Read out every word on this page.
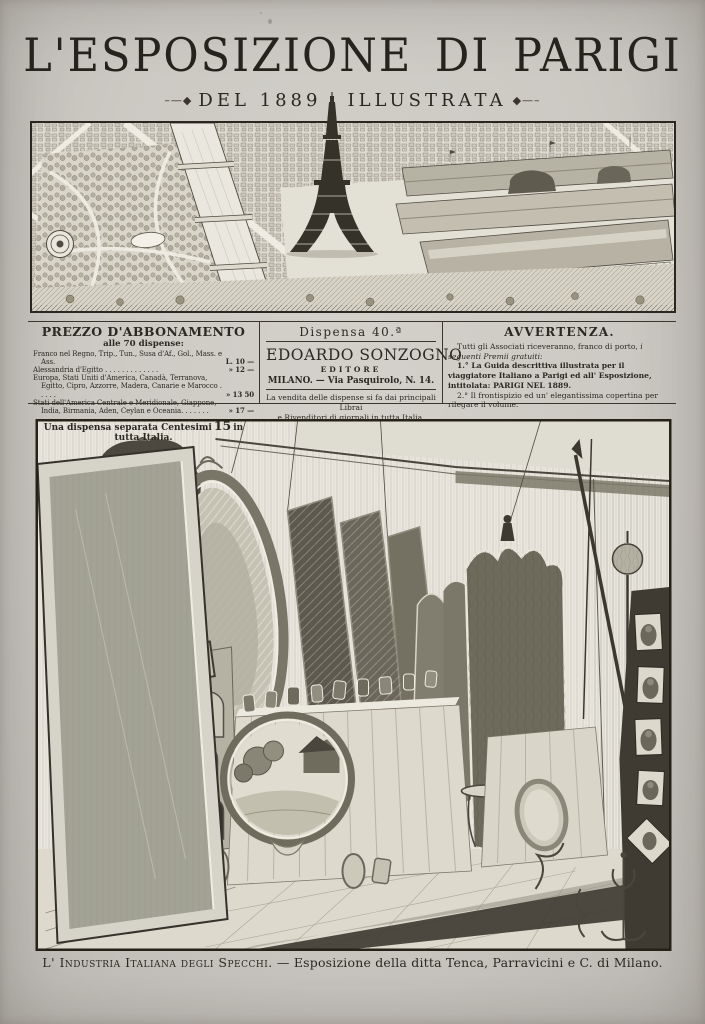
L'ESPOSIZIONE DI PARIGI
–—◆ DEL 1889 ILLUSTRATA ◆—–
PREZZO D'ABBONAMENTO
alle 70 dispense:
Franco nel Regno, Trip., Tun., Susa d'Af., Gol., Mass. e Ass.	L. 10 —
Alessandria d'Egitto . . . . . . . . . . . . .	» 12 —
Europa, Stati Uniti d'America, Canadà, Terranova, Egitto, Cipro, Azzorre, Madera, Canarie e Marocco . . . . .	» 13 50
Stati dell'America Centrale e Meridionale, Giappone, India, Birmania, Aden, Ceylan e Oceania. . . . . . .	» 17 —
Una dispensa separata Centesimi 15 in tutta Italia.
Dispensa 40.ª
EDOARDO SONZOGNO
EDITORE
MILANO. — Via Pasquirolo, N. 14.
La vendita delle dispense si fa dai principali Librai
e Rivenditori di giornali in tutta Italia.
AVVERTENZA.

Tutti gli Associati riceveranno, franco di porto, i seguenti Premii gratuiti:

1.° La Guida descrittiva illustrata per il viaggiatore Italiano a Parigi ed all' Esposizione, intitolata: PARIGI NEL 1889.

2.° Il frontispizio ed un' elegantissima copertina per rilegare il volume.

L' Industria Italiana degli Specchi. — Esposizione della ditta Tenca, Parravicini e C. di Milano.
